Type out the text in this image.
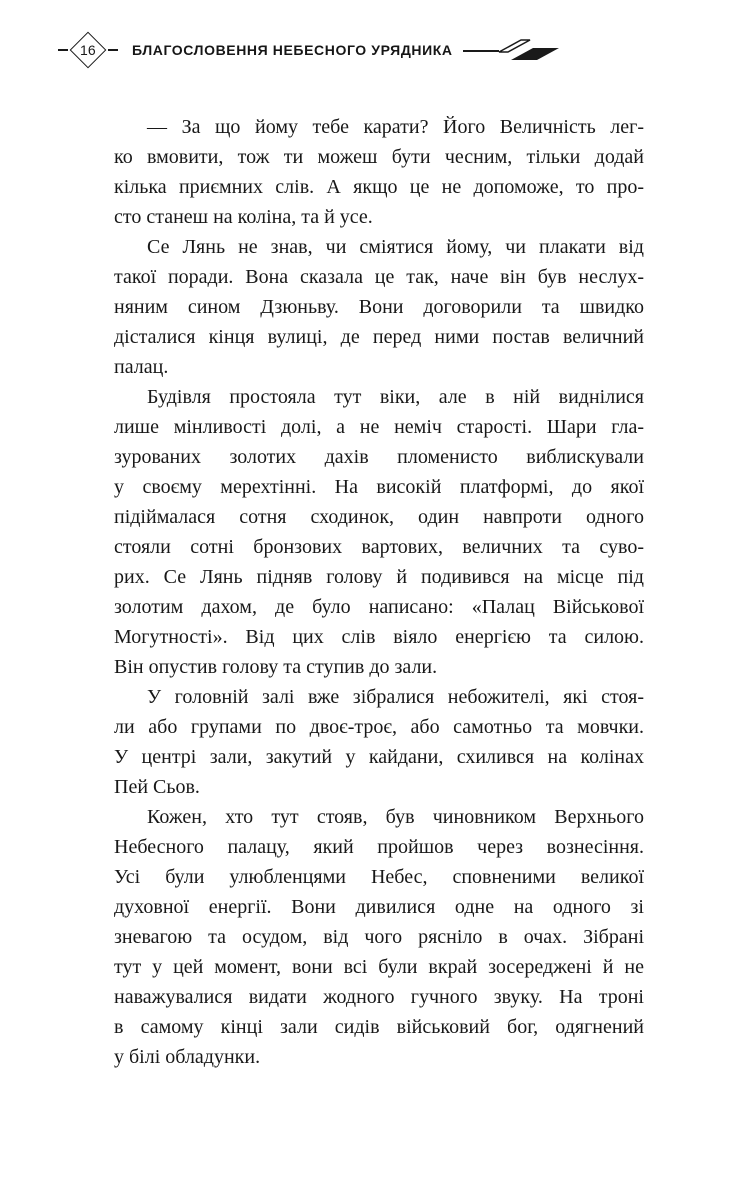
16	БЛАГОСЛОВЕННЯ НЕБЕСНОГО УРЯДНИКА
— За що йому тебе карати? Його Величність лег-
ко вмовити, тож ти можеш бути чесним, тільки додай
кілька приємних слів. А якщо це не допоможе, то про-
сто станеш на коліна, та й усе.
Се Лянь не знав, чи сміятися йому, чи плакати від
такої поради. Вона сказала це так, наче він був неслух-
няним сином Дзюньву. Вони договорили та швидко
дісталися кінця вулиці, де перед ними постав величний
палац.
Будівля простояла тут віки, але в ній виднілися
лише мінливості долі, а не неміч старості. Шари гла-
зурованих золотих дахів пломенисто виблискували
у своєму мерехтінні. На високій платформі, до якої
підіймалася сотня сходинок, один навпроти одного
стояли сотні бронзових вартових, величних та суво-
рих. Се Лянь підняв голову й подивився на місце під
золотим дахом, де було написано: «Палац Військової
Могутності». Від цих слів віяло енергією та силою.
Він опустив голову та ступив до зали.
У головній залі вже зібралися небожителі, які стоя-
ли або групами по двоє-троє, або самотньо та мовчки.
У центрі зали, закутий у кайдани, схилився на колінах
Пей Сьов.
Кожен, хто тут стояв, був чиновником Верхнього
Небесного палацу, який пройшов через вознесіння.
Усі були улюбленцями Небес, сповненими великої
духовної енергії. Вони дивилися одне на одного зі
зневагою та осудом, від чого рясніло в очах. Зібрані
тут у цей момент, вони всі були вкрай зосереджені й не
наважувалися видати жодного гучного звуку. На троні
в самому кінці зали сидів військовий бог, одягнений
у білі обладунки.
